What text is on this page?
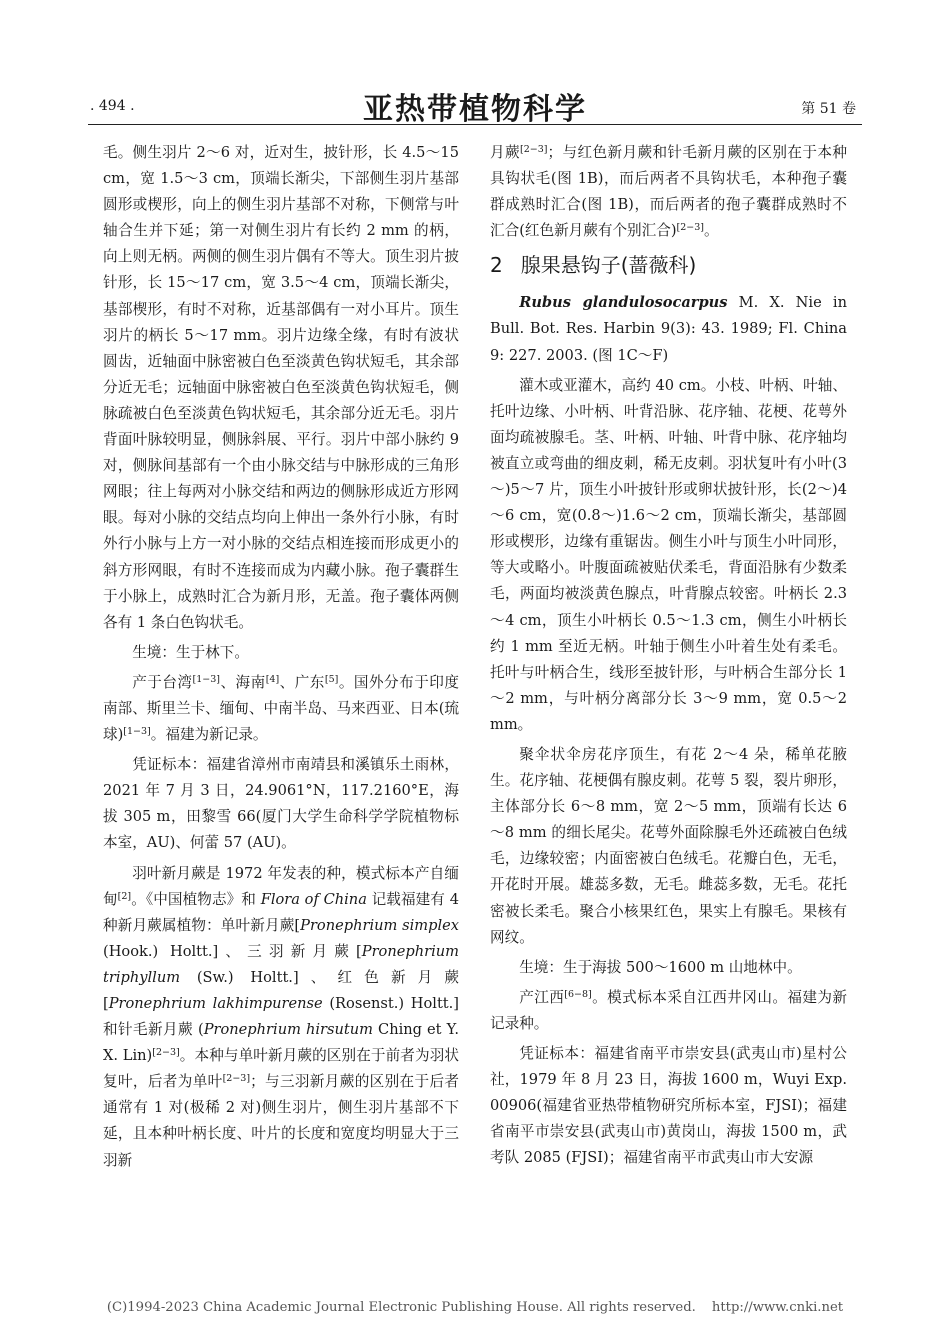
. 494 .	亚热带植物科学	第 51 卷

毛。侧生羽片 2～6 对，近对生，披针形，长 4.5～15 cm，宽 1.5～3 cm，顶端长渐尖，下部侧生羽片基部圆形或楔形，向上的侧生羽片基部不对称，下侧常与叶轴合生并下延；第一对侧生羽片有长约 2 mm 的柄，向上则无柄。两侧的侧生羽片偶有不等大。顶生羽片披针形，长 15～17 cm，宽 3.5～4 cm，顶端长渐尖，基部楔形，有时不对称，近基部偶有一对小耳片。顶生羽片的柄长 5～17 mm。羽片边缘全缘，有时有波状圆齿，近轴面中脉密被白色至淡黄色钩状短毛，其余部分近无毛；远轴面中脉密被白色至淡黄色钩状短毛，侧脉疏被白色至淡黄色钩状短毛，其余部分近无毛。羽片背面叶脉较明显，侧脉斜展、平行。羽片中部小脉约 9 对，侧脉间基部有一个由小脉交结与中脉形成的三角形网眼；往上每两对小脉交结和两边的侧脉形成近方形网眼。每对小脉的交结点均向上伸出一条外行小脉，有时外行小脉与上方一对小脉的交结点相连接而形成更小的斜方形网眼，有时不连接而成为内藏小脉。孢子囊群生于小脉上，成熟时汇合为新月形，无盖。孢子囊体两侧各有 1 条白色钩状毛。

生境：生于林下。

产于台湾[1−3]、海南[4]、广东[5]。国外分布于印度南部、斯里兰卡、缅甸、中南半岛、马来西亚、日本(琉球)[1−3]。福建为新记录。

凭证标本：福建省漳州市南靖县和溪镇乐土雨林，2021 年 7 月 3 日，24.9061°N，117.2160°E，海拔 305 m，田黎雪 66(厦门大学生命科学学院植物标本室，AU)、何蕾 57 (AU)。

羽叶新月蕨是 1972 年发表的种，模式标本产自缅甸[2]。《中国植物志》和 Flora of China 记载福建有 4 种新月蕨属植物：单叶新月蕨[Pronephrium simplex (Hook.) Holtt.]、三羽新月蕨[Pronephrium triphyllum (Sw.) Holtt.]、红色新月蕨[Pronephrium lakhimpurense (Rosenst.) Holtt.] 和针毛新月蕨 (Pronephrium hirsutum Ching et Y. X. Lin)[2−3]。本种与单叶新月蕨的区别在于前者为羽状复叶，后者为单叶[2−3]；与三羽新月蕨的区别在于后者通常有 1 对(极稀 2 对)侧生羽片，侧生羽片基部不下延，且本种叶柄长度、叶片的长度和宽度均明显大于三羽新

月蕨[2−3]；与红色新月蕨和针毛新月蕨的区别在于本种具钩状毛(图 1B)，而后两者不具钩状毛，本种孢子囊群成熟时汇合(图 1B)，而后两者的孢子囊群成熟时不汇合(红色新月蕨有个别汇合)[2−3]。

2 腺果悬钩子(蔷薇科)

Rubus glandulosocarpus M. X. Nie in Bull. Bot. Res. Harbin 9(3): 43. 1989; Fl. China 9: 227. 2003. (图 1C～F)

灌木或亚灌木，高约 40 cm。小枝、叶柄、叶轴、托叶边缘、小叶柄、叶背沿脉、花序轴、花梗、花萼外面均疏被腺毛。茎、叶柄、叶轴、叶背中脉、花序轴均被直立或弯曲的细皮刺，稀无皮刺。羽状复叶有小叶(3～)5～7 片，顶生小叶披针形或卵状披针形，长(2～)4～6 cm，宽(0.8～)1.6～2 cm，顶端长渐尖，基部圆形或楔形，边缘有重锯齿。侧生小叶与顶生小叶同形，等大或略小。叶腹面疏被贴伏柔毛，背面沿脉有少数柔毛，两面均被淡黄色腺点，叶背腺点较密。叶柄长 2.3～4 cm，顶生小叶柄长 0.5～1.3 cm，侧生小叶柄长约 1 mm 至近无柄。叶轴于侧生小叶着生处有柔毛。托叶与叶柄合生，线形至披针形，与叶柄合生部分长 1～2 mm，与叶柄分离部分长 3～9 mm，宽 0.5～2 mm。

聚伞状伞房花序顶生，有花 2～4 朵，稀单花腋生。花序轴、花梗偶有腺皮刺。花萼 5 裂，裂片卵形，主体部分长 6～8 mm，宽 2～5 mm，顶端有长达 6～8 mm 的细长尾尖。花萼外面除腺毛外还疏被白色绒毛，边缘较密；内面密被白色绒毛。花瓣白色，无毛，开花时开展。雄蕊多数，无毛。雌蕊多数，无毛。花托密被长柔毛。聚合小核果红色，果实上有腺毛。果核有网纹。

生境：生于海拔 500～1600 m 山地林中。

产江西[6−8]。模式标本采自江西井冈山。福建为新记录种。

凭证标本：福建省南平市崇安县(武夷山市)星村公社，1979 年 8 月 23 日，海拔 1600 m，Wuyi Exp. 00906(福建省亚热带植物研究所标本室，FJSI)；福建省南平市崇安县(武夷山市)黄岗山，海拔 1500 m，武考队 2085 (FJSI)；福建省南平市武夷山市大安源

(C)1994-2023 China Academic Journal Electronic Publishing House. All rights reserved. http://www.cnki.net
